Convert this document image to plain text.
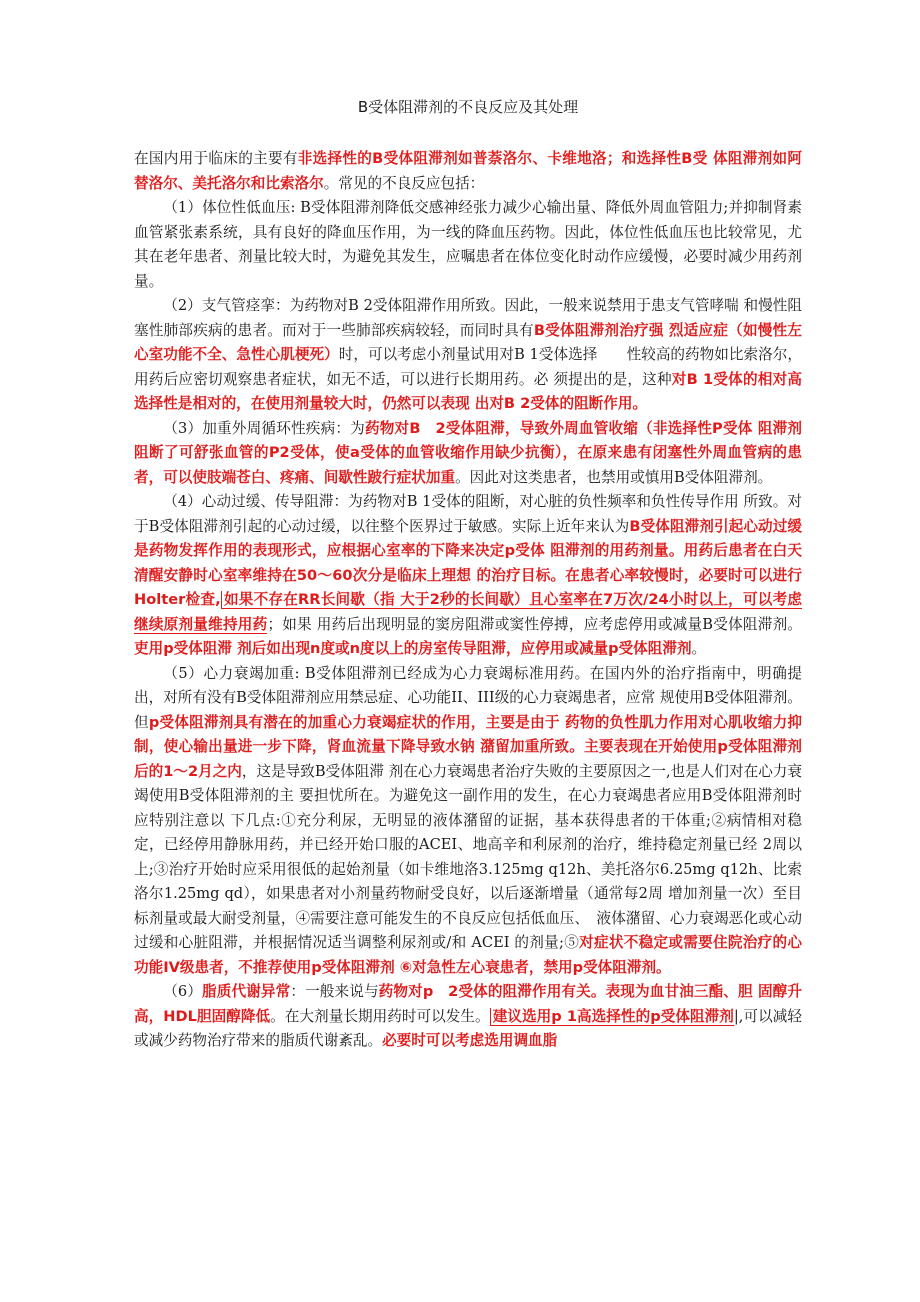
B受体阻滞剂的不良反应及其处理

在国内用于临床的主要有非选择性的B受体阻滞剂如普萘洛尔、卡维地洛；和选择性B受 体阻滞剂如阿替洛尔、美托洛尔和比索洛尔。常见的不良反应包括：

（1）体位性低血压: B受体阻滞剂降低交感神经张力减少心输出量、降低外周血管阻力;并抑制肾素血管紧张素系统，具有良好的降血压作用，为一线的降血压药物。因此，体位性低血压也比较常见，尤其在老年患者、剂量比较大时，为避免其发生，应嘱患者在体位变化时动作应缓慢，必要时减少用药剂量。

（2）支气管痉挛：为药物对B 2受体阻滞作用所致。因此，一般来说禁用于患支气管哮喘 和慢性阻塞性肺部疾病的患者。而对于一些肺部疾病较轻，而同时具有B受体阻滞剂治疗强 烈适应症（如慢性左心室功能不全、急性心肌梗死）时，可以考虑小剂量试用对B 1受体选择　　性较高的药物如比索洛尔，用药后应密切观察患者症状，如无不适，可以进行长期用药。必 须提出的是，这种对B 1受体的相对高选择性是相对的，在使用剂量较大时，仍然可以表现 出对B 2受体的阻断作用。

（3）加重外周循环性疾病：为药物对B　2受体阻滞，导致外周血管收缩（非选择性P受体 阻滞剂阻断了可舒张血管的P2受体，使a受体的血管收缩作用缺少抗衡），在原来患有闭塞性外周血管病的患者，可以使肢端苍白、疼痛、间歇性跛行症状加重。因此对这类患者，也禁用或慎用B受体阻滞剂。

（4）心动过缓、传导阻滞：为药物对B 1受体的阻断，对心脏的负性频率和负性传导作用 所致。对于B受体阻滞剂引起的心动过缓，以往整个医界过于敏感。实际上近年来认为B受体阻滞剂引起心动过缓是药物发挥作用的表现形式，应根据心室率的下降来决定p受体 阻滞剂的用药剂量。用药后患者在白天清醒安静时心室率维持在50〜60次分是临床上理想 的治疗目标。在患者心率较慢时，必要时可以进行Holter检査, 如果不存在RR长间歇（指 大于2秒的长间歇）且心室率在7万次/24小时以上，可以考虑继续原剂量维持用药；如果 用药后出现明显的窦房阻滞或窦性停搏，应考虑停用或减量B受体阻滞剂。吏用p受体阻滞 剂后如出现n度或n度以上的房室传导阻滞，应停用或减量p受体阻滞剂。

（5）心力衰竭加重: B受体阻滞剂已经成为心力衰竭标准用药。在国内外的治疗指南中，明确提出，对所有没有B受体阻滞剂应用禁忌症、心功能II、III级的心力衰竭患者，应常 规使用B受体阻滞剂。但p受体阻滞剂具有潜在的加重心力衰竭症状的作用，主要是由于 药物的负性肌力作用对心肌收缩力抑制，使心输出量进一步下降，肾血流量下降导致水钠 潴留加重所致。主要表现在开始使用p受体阻滞剂后的1〜2月之内，这是导致B受体阻滞 剂在心力衰竭患者治疗失败的主要原因之一,也是人们对在心力衰竭使用B受体阻滞剂的主 要担忧所在。为避免这一副作用的发生，在心力衰竭患者应用B受体阻滞剂时应特别注意以 下几点:①充分利尿，无明显的液体潴留的证据，基本获得患者的干体重;②病情相对稳定，已经停用静脉用药，并已经开始口服的ACEI、地高辛和利尿剂的治疗，维持稳定剂量已经 2周以上;③治疗开始时应采用很低的起始剂量（如卡维地洛3.125mg q12h、美托洛尔6.25mg q12h、比索洛尔1.25mg qd），如果患者对小剂量药物耐受良好，以后逐渐增量（通常每2周 增加剂量一次）至目标剂量或最大耐受剂量，④需要注意可能发生的不良反应包括低血压、　液体潴留、心力衰竭恶化或心动过缓和心脏阻滞，并根据情况适当调整利尿剂或/和 ACEI 的剂量;⑤对症状不稳定或需要住院治疗的心功能IV级患者，不推荐使用p受体阻滞剂 ⑥对急性左心衰患者，禁用p受体阻滞剂。

（6）脂质代谢异常：一般来说与药物对p　2受体的阻滞作用有关。表现为血甘油三酯、胆 固醇升高，HDL胆固醇降低。在大剂量长期用药时可以发生。 建议选用p 1高选择性的p受体阻滞剂|,可以减轻或减少药物治疗带来的脂质代谢紊乱。必要时可以考虑选用调血脂
